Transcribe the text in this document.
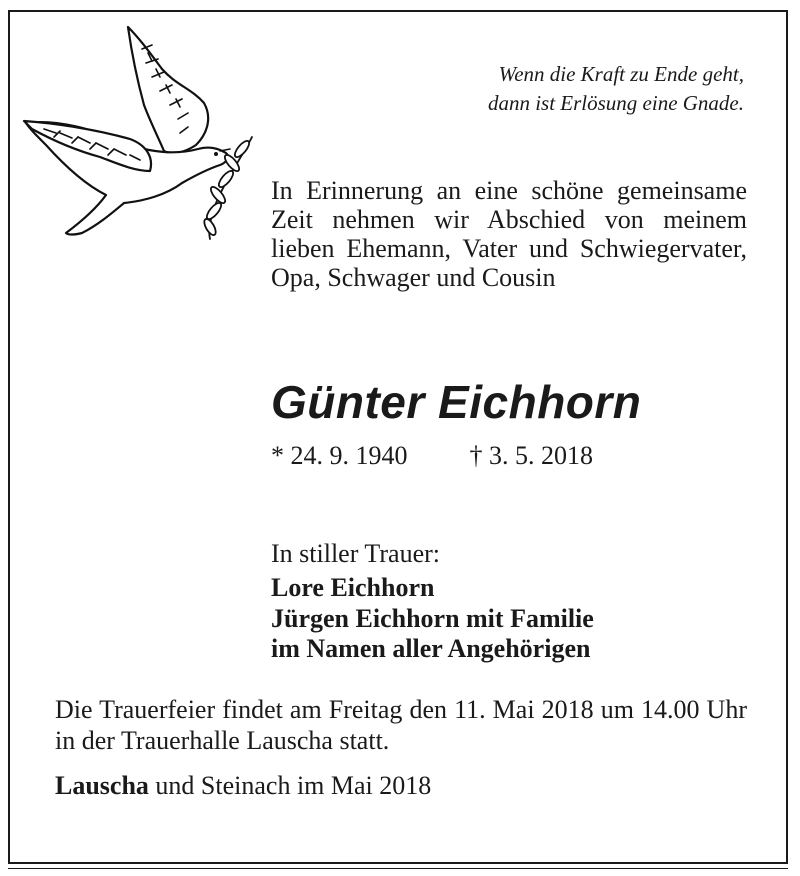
Wenn die Kraft zu Ende geht,
dann ist Erlösung eine Gnade.
In Erinnerung an eine schöne gemeinsame Zeit nehmen wir Abschied von meinem lieben Ehemann, Vater und Schwiegervater, Opa, Schwager und Cousin
Günter Eichhorn
* 24. 9. 1940 † 3. 5. 2018
In stiller Trauer:
Lore Eichhorn
Jürgen Eichhorn mit Familie
im Namen aller Angehörigen
Die Trauerfeier findet am Freitag den 11. Mai 2018 um 14.00 Uhr in der Trauerhalle Lauscha statt.
Lauscha und Steinach im Mai 2018
